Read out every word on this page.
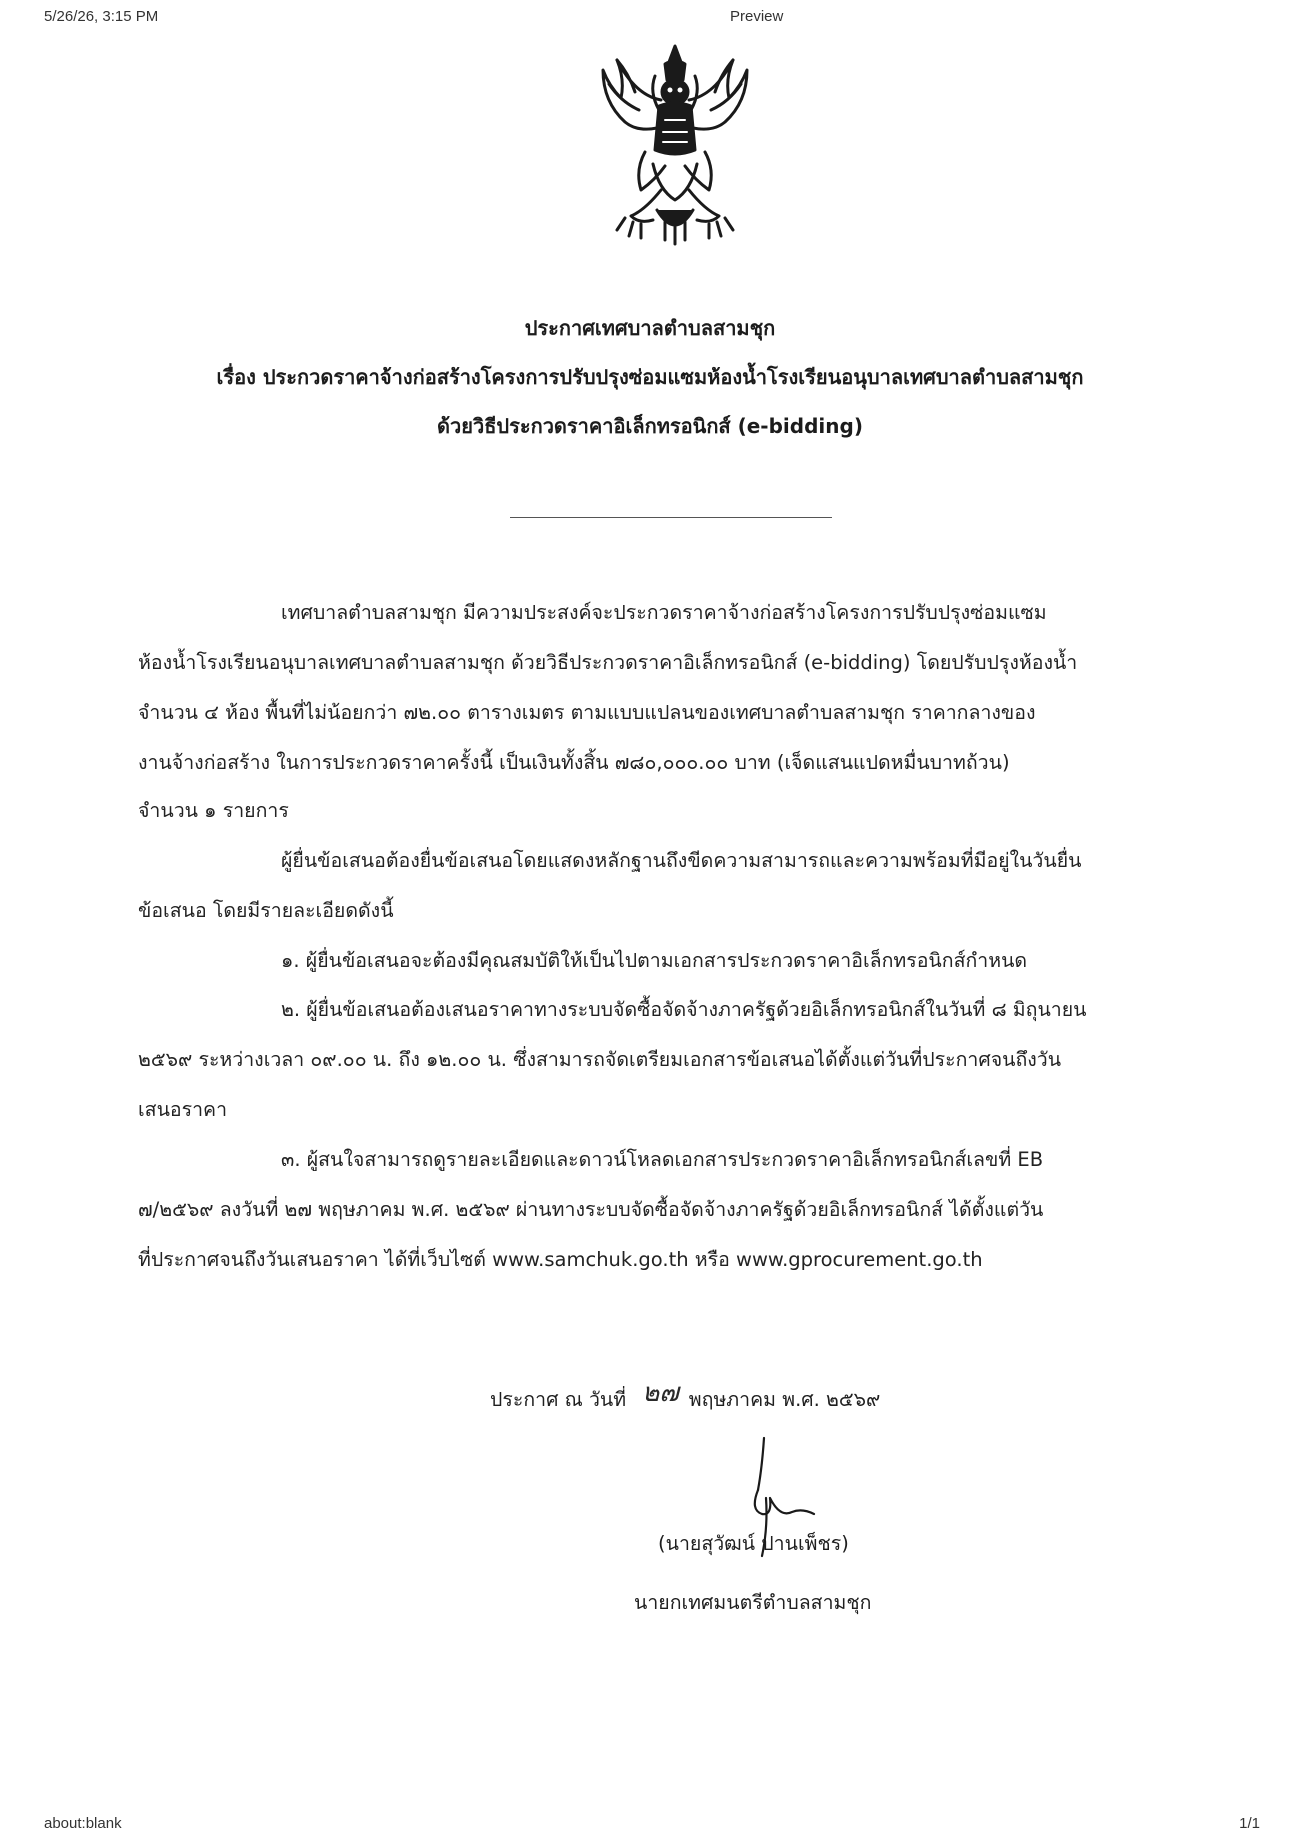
5/26/26, 3:15 PM	Preview
ประกาศเทศบาลตำบลสามชุก
เรื่อง ประกวดราคาจ้างก่อสร้างโครงการปรับปรุงซ่อมแซมห้องน้ำโรงเรียนอนุบาลเทศบาลตำบลสามชุก
ด้วยวิธีประกวดราคาอิเล็กทรอนิกส์ (e-bidding)
เทศบาลตำบลสามชุก มีความประสงค์จะประกวดราคาจ้างก่อสร้างโครงการปรับปรุงซ่อมแซม
ห้องน้ำโรงเรียนอนุบาลเทศบาลตำบลสามชุก ด้วยวิธีประกวดราคาอิเล็กทรอนิกส์ (e-bidding) โดยปรับปรุงห้องน้ำ
จำนวน ๔ ห้อง พื้นที่ไม่น้อยกว่า ๗๒.๐๐ ตารางเมตร ตามแบบแปลนของเทศบาลตำบลสามชุก ราคากลางของ
งานจ้างก่อสร้าง ในการประกวดราคาครั้งนี้ เป็นเงินทั้งสิ้น ๗๘๐,๐๐๐.๐๐ บาท (เจ็ดแสนแปดหมื่นบาทถ้วน)
จำนวน ๑ รายการ
ผู้ยื่นข้อเสนอต้องยื่นข้อเสนอโดยแสดงหลักฐานถึงขีดความสามารถและความพร้อมที่มีอยู่ในวันยื่น
ข้อเสนอ โดยมีรายละเอียดดังนี้
๑. ผู้ยื่นข้อเสนอจะต้องมีคุณสมบัติให้เป็นไปตามเอกสารประกวดราคาอิเล็กทรอนิกส์กำหนด
๒. ผู้ยื่นข้อเสนอต้องเสนอราคาทางระบบจัดซื้อจัดจ้างภาครัฐด้วยอิเล็กทรอนิกส์ในวันที่ ๘ มิถุนายน
๒๕๖๙ ระหว่างเวลา ๐๙.๐๐ น. ถึง ๑๒.๐๐ น. ซึ่งสามารถจัดเตรียมเอกสารข้อเสนอได้ตั้งแต่วันที่ประกาศจนถึงวัน
เสนอราคา
๓. ผู้สนใจสามารถดูรายละเอียดและดาวน์โหลดเอกสารประกวดราคาอิเล็กทรอนิกส์เลขที่ EB
๗/๒๕๖๙ ลงวันที่ ๒๗ พฤษภาคม พ.ศ. ๒๕๖๙ ผ่านทางระบบจัดซื้อจัดจ้างภาครัฐด้วยอิเล็กทรอนิกส์ ได้ตั้งแต่วัน
ที่ประกาศจนถึงวันเสนอราคา ได้ที่เว็บไซต์ www.samchuk.go.th หรือ www.gprocurement.go.th
ประกาศ ณ วันที่ ๒๗ พฤษภาคม พ.ศ. ๒๕๖๙
(นายสุวัฒน์ ปานเพ็ชร)
นายกเทศมนตรีตำบลสามชุก
about:blank	1/1
